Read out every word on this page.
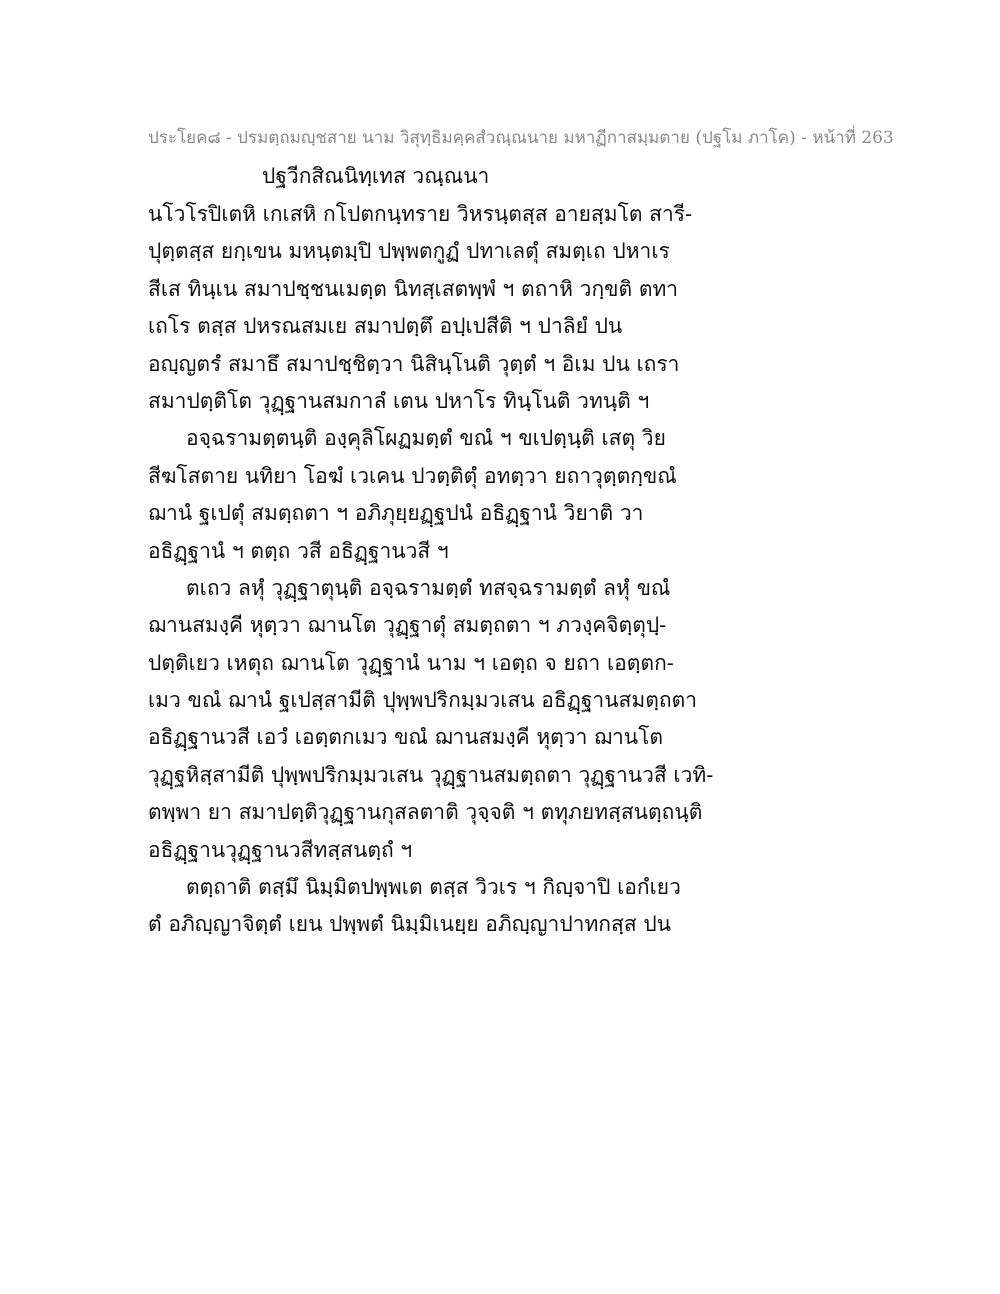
ประโยค๘ - ปรมตฺถมญฺชสาย นาม วิสุทฺธิมคฺคสํวณฺณนาย มหาฏีกาสมฺมตาย (ปฐโม ภาโค) - หน้าที่ 263
ปฐวีกสิณนิทฺเทส วณฺณนา
นโวโรปิเตหิ เกเสหิ กโปตกนฺทราย วิหรนฺตสฺส อายสฺมโต สารี-
ปุตฺตสฺส ยกฺเขน มหนฺตมฺปิ ปพฺพตกูฏํ ปทาเลตุํ สมตฺเถ ปหาเร
สีเส ทินฺเน สมาปชฺชนเมตฺต นิทสฺเสตพฺพํ ฯ ตถาหิ วกฺขติ ตทา
เถโร ตสฺส ปหรณสมเย สมาปตฺตึ อปฺเปสีติ ฯ ปาลิยํ ปน
อญฺญตรํ สมาธึ สมาปชฺชิตฺวา นิสินฺโนติ วุตฺตํ ฯ อิเม ปน เถรา
สมาปตฺติโต วุฏฺฐานสมกาลํ เตน ปหาโร ทินฺโนติ วทนฺติ ฯ
อจฺฉรามตฺตนฺติ องฺคุลิโผฏมตฺตํ ขณํ ฯ ขเปตฺนฺติ เสตุ วิย
สีฆโสตาย นทิยา โอฆํ เวเคน ปวตฺติตุํ อทตฺวา ยถาวุตฺตกฺขณํ
ฌานํ ฐเปตุํ สมตฺถตา ฯ อภิภุยฺยฏฺฐปนํ อธิฏฺฐานํ วิยาติ วา
อธิฏฺฐานํ ฯ ตตฺถ วสี อธิฏฺฐานวสี ฯ
ตเถว ลหุํ วุฏฺฐาตุนฺติ อจฺฉรามตฺตํ ทสจฺฉรามตฺตํ ลหุํ ขณํ
ฌานสมงฺคี หุตฺวา ฌานโต วุฏฺฐาตุํ สมตฺถตา ฯ ภวงฺคจิตฺตุปฺ-
ปตฺติเยว เหตุถ ฌานโต วุฏฺฐานํ นาม ฯ เอตฺถ จ ยถา เอตฺตก-
เมว ขณํ ฌานํ ฐเปสฺสามีติ ปุพฺพปริกมฺมวเสน อธิฏฺฐานสมตฺถตา
อธิฏฺฐานวสี เอวํ เอตฺตกเมว ขณํ ฌานสมงฺคี หุตฺวา ฌานโต
วุฏฺฐหิสฺสามีติ ปุพฺพปริกมฺมวเสน วุฏฺฐานสมตฺถตา วุฏฺฐานวสี เวทิ-
ตพฺพา ยา สมาปตฺติวุฏฺฐานกุสลตาติ วุจฺจติ ฯ ตทุภยทสฺสนตฺถนฺติ
อธิฏฺฐานวุฏฺฐานวสีทสฺสนตฺถํ ฯ
ตตฺถาติ ตสฺมึ นิมฺมิตปพฺพเต ตสฺส วิวเร ฯ กิญฺจาปิ เอกํเยว
ตํ อภิญฺญาจิตฺตํ เยน ปพฺพตํ นิมฺมิเนยฺย อภิญฺญาปาทกสฺส ปน
